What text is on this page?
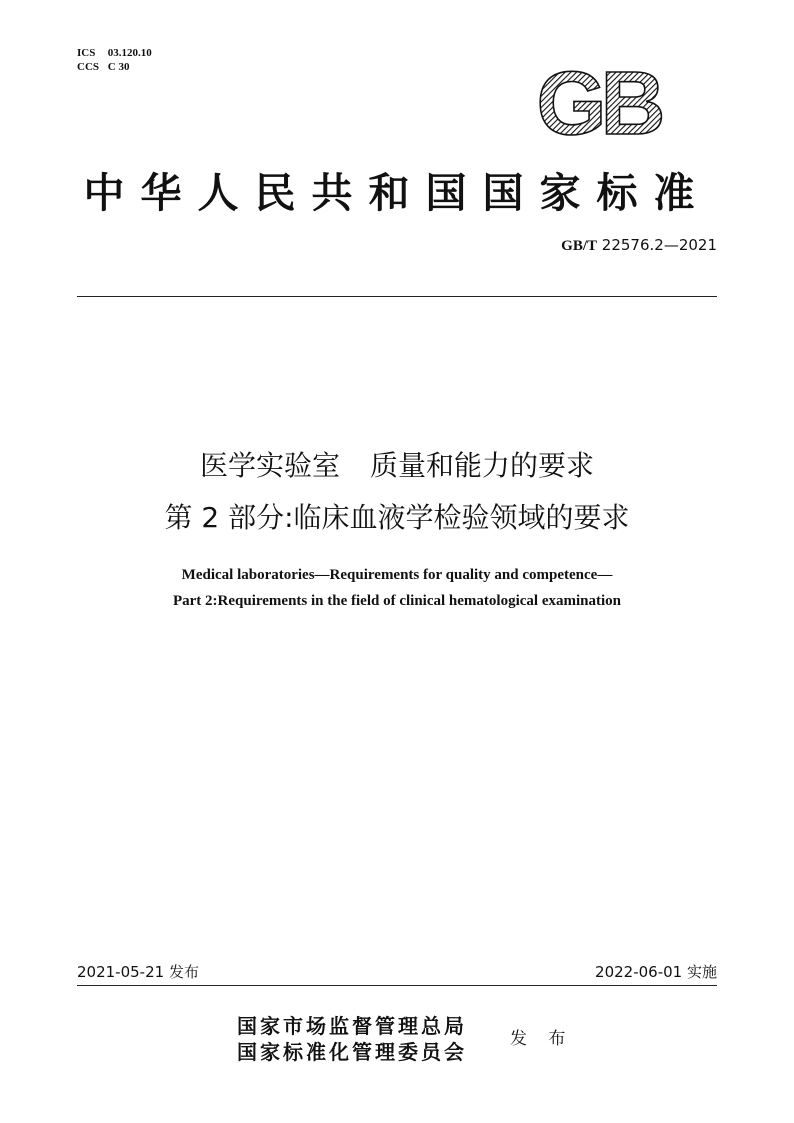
ICS 03.120.10
CCS C 30	GB
中华人民共和国国家标准
GB/T 22576.2—2021
医学实验室 质量和能力的要求
第 2 部分:临床血液学检验领域的要求
Medical laboratories—Requirements for quality and competence—
Part 2:Requirements in the field of clinical hematological examination
2021-05-21 发布	2022-06-01 实施
国家市场监督管理总局
国家标准化管理委员会
发 布
